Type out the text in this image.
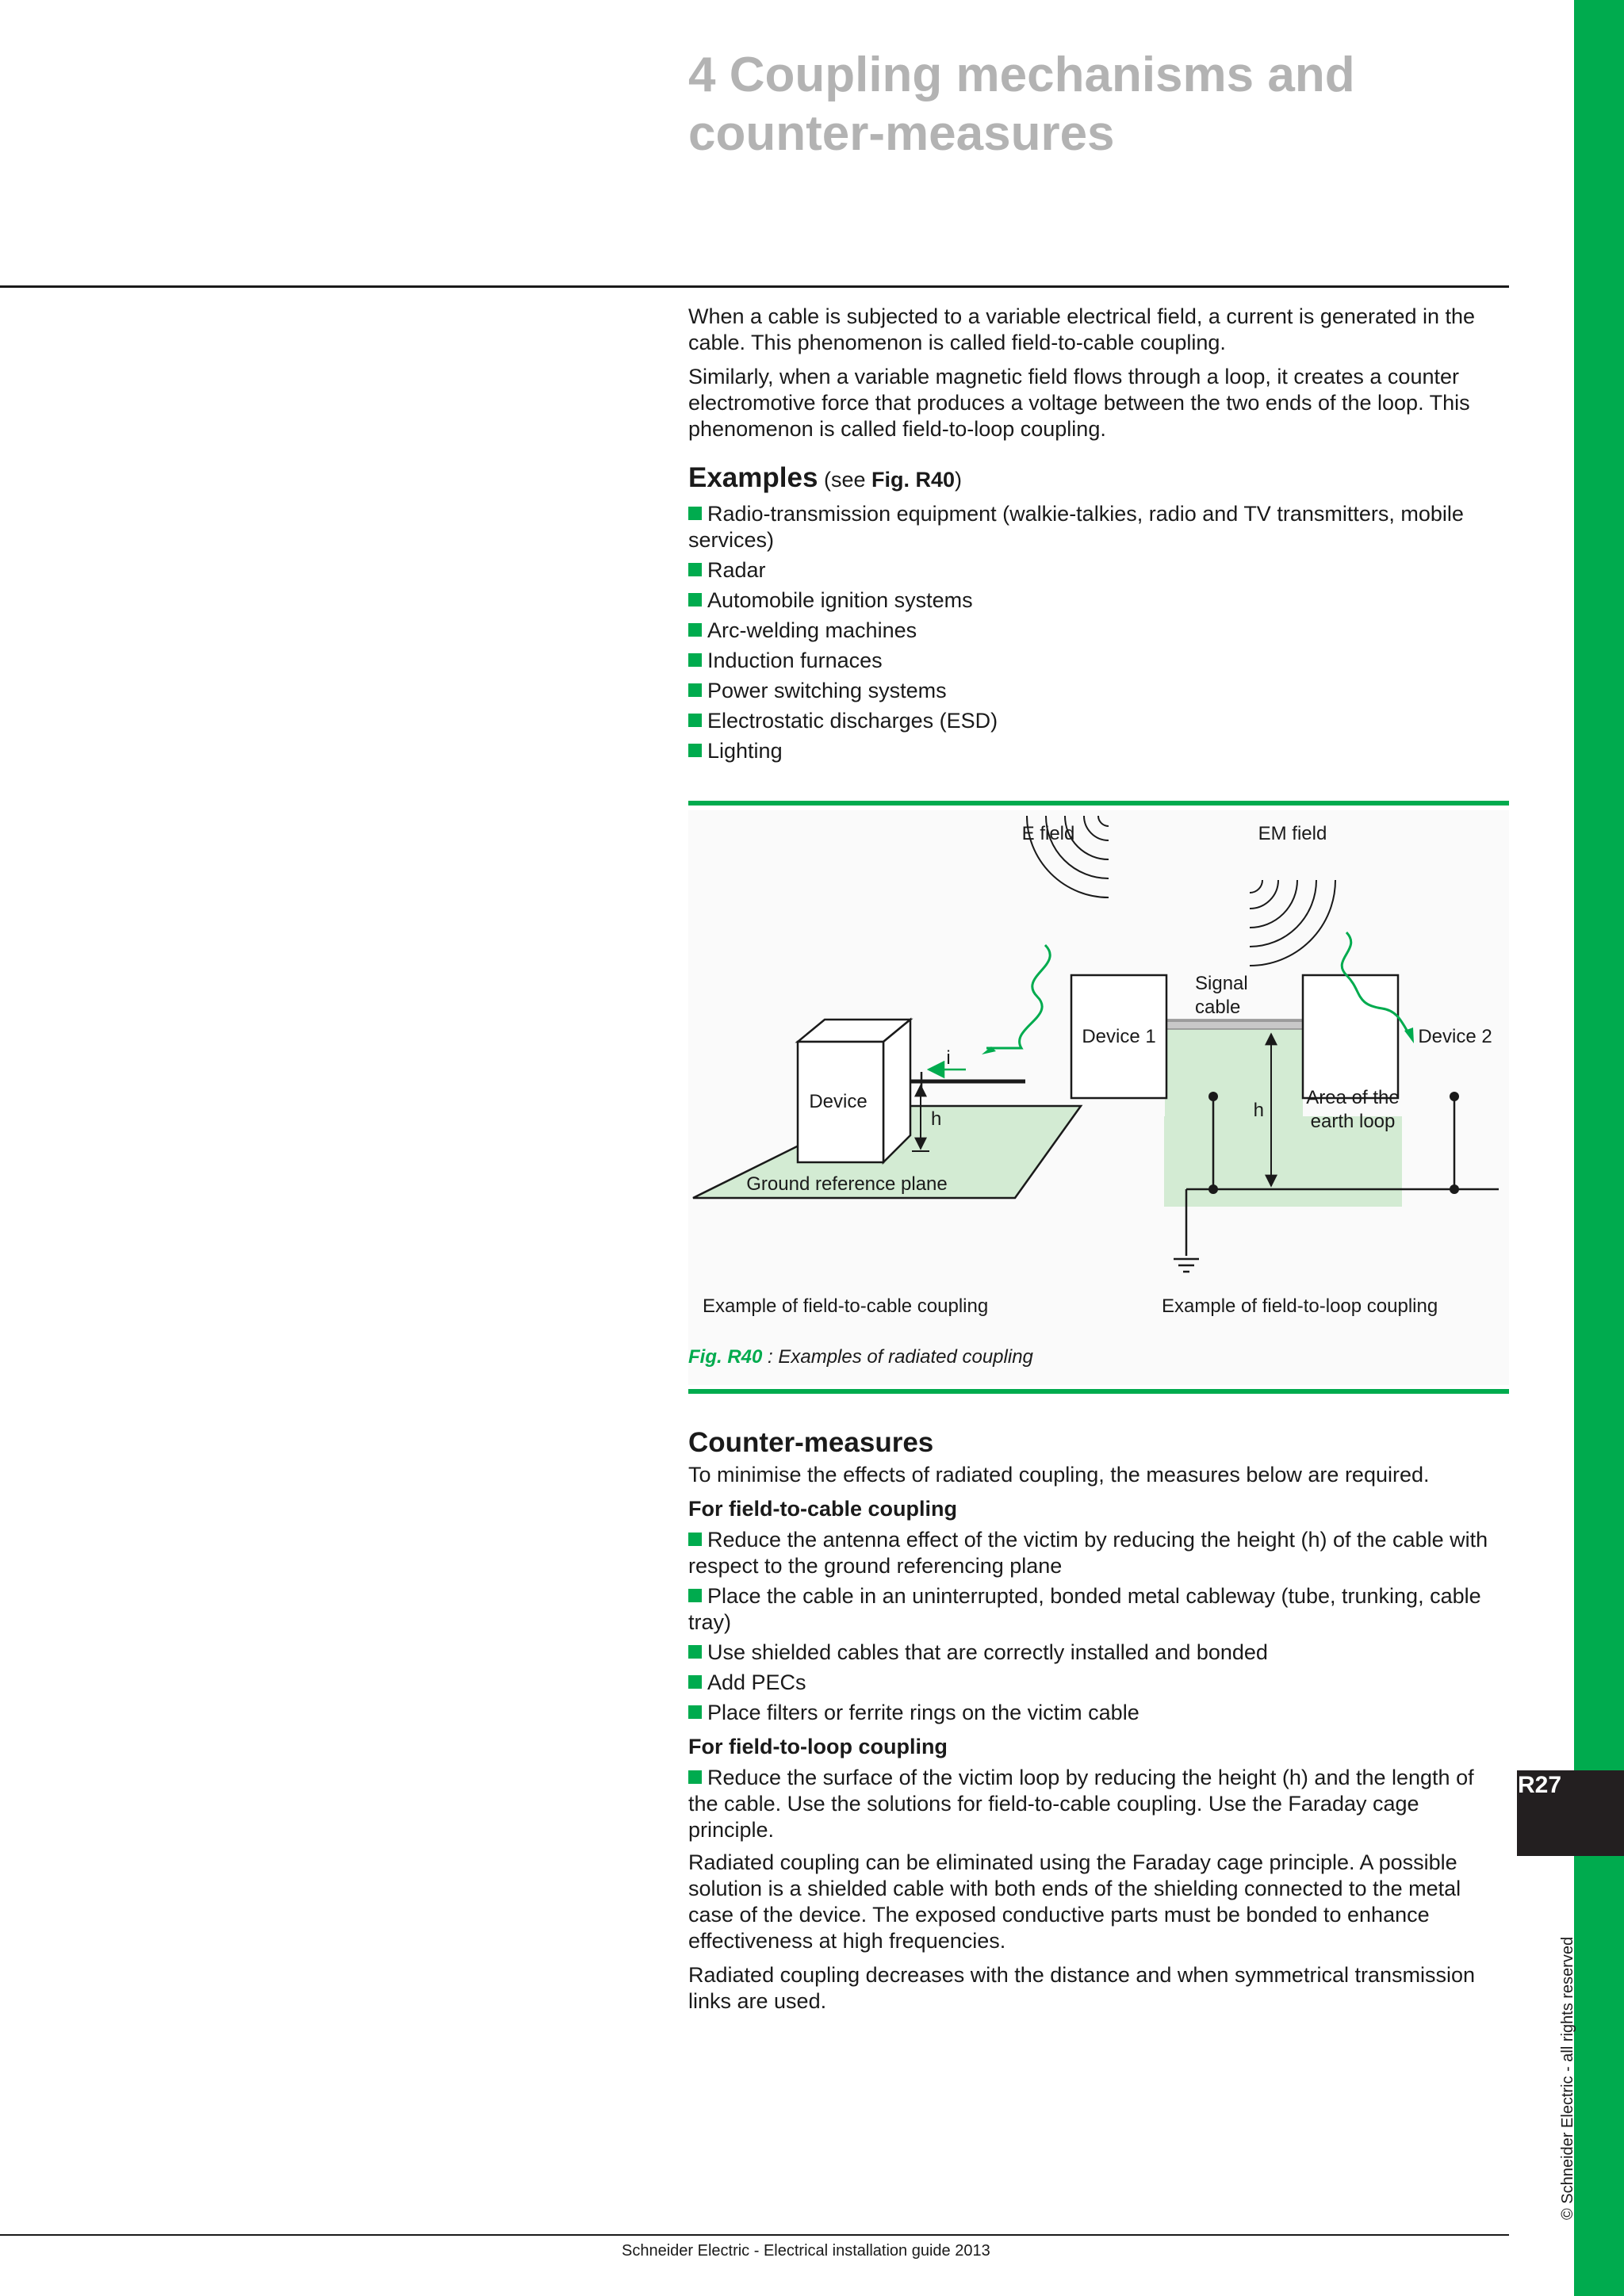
R27
© Schneider Electric - all rights reserved
4 Coupling mechanisms and counter-measures

When a cable is subjected to a variable electrical field, a current is generated in the cable. This phenomenon is called field-to-cable coupling.

Similarly, when a variable magnetic field flows through a loop, it creates a counter electromotive force that produces a voltage between the two ends of the loop. This phenomenon is called field-to-loop coupling.

Examples (see Fig. R40)

Radio-transmission equipment (walkie-talkies, radio and TV transmitters, mobile services)
Radar
Automobile ignition systems
Arc-welding machines
Induction furnaces
Power switching systems
Electrostatic discharges (ESD)
Lighting
E field
Ground reference plane
Device
i
h
EM field
Device 1	Device 2
Signal
cable
h
Area of the
earth loop
Example of field-to-cable coupling	Example of field-to-loop coupling
Fig. R40 : Examples of radiated coupling
Counter-measures

To minimise the effects of radiated coupling, the measures below are required.

For field-to-cable coupling
Reduce the antenna effect of the victim by reducing the height (h) of the cable with respect to the ground referencing plane
Place the cable in an uninterrupted, bonded metal cableway (tube, trunking, cable tray)
Use shielded cables that are correctly installed and bonded
Add PECs
Place filters or ferrite rings on the victim cable
For field-to-loop coupling
Reduce the surface of the victim loop by reducing the height (h) and the length of the cable. Use the solutions for field-to-cable coupling. Use the Faraday cage principle.

Radiated coupling can be eliminated using the Faraday cage principle. A possible solution is a shielded cable with both ends of the shielding connected to the metal case of the device. The exposed conductive parts must be bonded to enhance effectiveness at high frequencies.

Radiated coupling decreases with the distance and when symmetrical transmission links are used.

Schneider Electric - Electrical installation guide 2013
